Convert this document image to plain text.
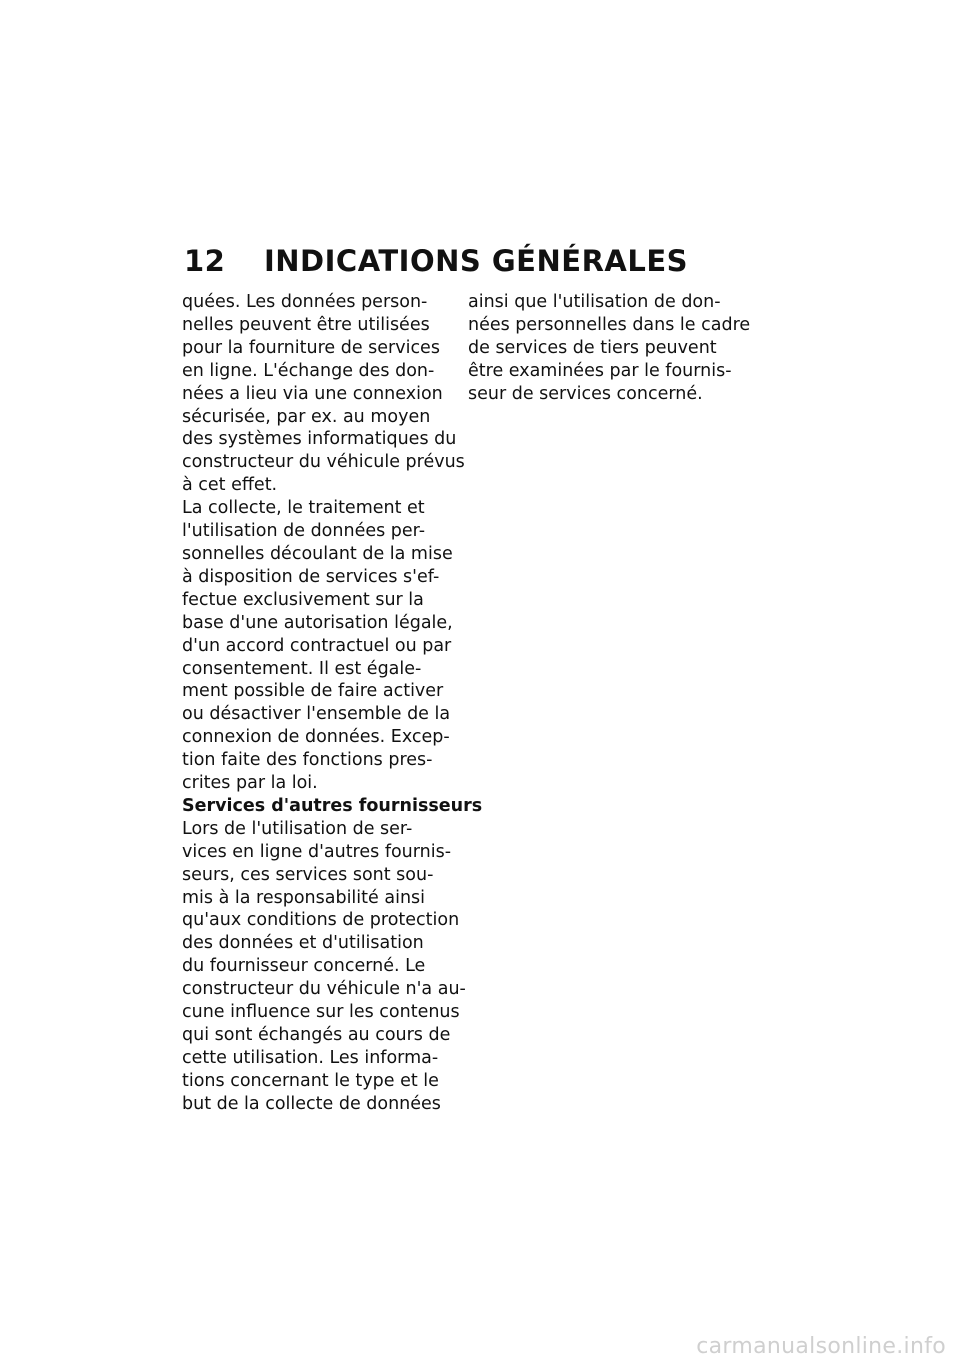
12 INDICATIONS GÉNÉRALES
quées. Les données person-
nelles peuvent être utilisées
pour la fourniture de services
en ligne. L'échange des don-
nées a lieu via une connexion
sécurisée, par ex. au moyen
des systèmes informatiques du
constructeur du véhicule prévus
à cet effet.
La collecte, le traitement et
l'utilisation de données per-
sonnelles découlant de la mise
à disposition de services s'ef-
fectue exclusivement sur la
base d'une autorisation légale,
d'un accord contractuel ou par
consentement. Il est égale-
ment possible de faire activer
ou désactiver l'ensemble de la
connexion de données. Excep-
tion faite des fonctions pres-
crites par la loi.
Services d'autres fournisseurs
Lors de l'utilisation de ser-
vices en ligne d'autres fournis-
seurs, ces services sont sou-
mis à la responsabilité ainsi
qu'aux conditions de protection
des données et d'utilisation
du fournisseur concerné. Le
constructeur du véhicule n'a au-
cune influence sur les contenus
qui sont échangés au cours de
cette utilisation. Les informa-
tions concernant le type et le
but de la collecte de données
ainsi que l'utilisation de don-
nées personnelles dans le cadre
de services de tiers peuvent
être examinées par le fournis-
seur de services concerné.
carmanualsonline.info
